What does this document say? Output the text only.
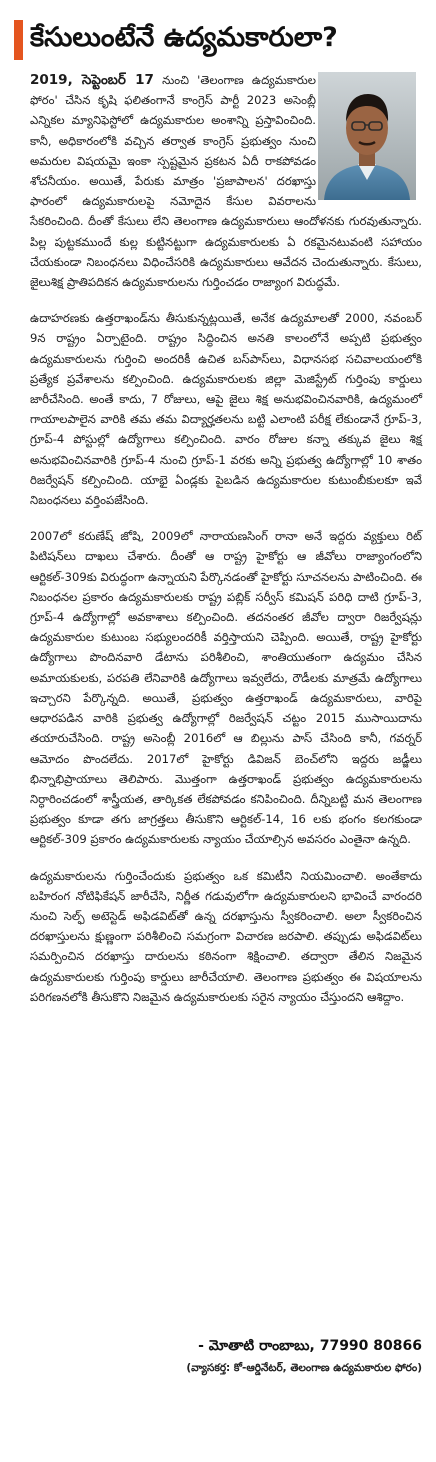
కేసులుంటేనే ఉద్యమకారులా?

2019, సెప్టెంబర్ 17 నుంచి 'తెలంగాణ ఉద్యమకారుల ఫోరం' చేసిన కృషి ఫలితంగానే కాంగ్రెస్ పార్టీ 2023 అసెంబ్లీ ఎన్నికల మ్యానిఫెస్టోలో ఉద్యమకారుల అంశాన్ని ప్రస్తావించింది. కానీ, అధికారంలోకి వచ్చిన తర్వాత కాంగ్రెస్ ప్రభుత్వం నుంచి అమరుల విషయమై ఇంకా స్పష్టమైన ప్రకటన ఏదీ రాకపోవడం శోచనీయం. అయితే, పేరుకు మాత్రం 'ప్రజాపాలన' దరఖాస్తు ఫారంలో ఉద్యమకారులపై నమోదైన కేసుల వివరాలను సేకరించింది. దీంతో కేసులు లేని తెలంగాణ ఉద్యమకారులు ఆందోళనకు గురవుతున్నారు. పిల్ల పుట్టకముందే కుల్ల కుట్టినట్టుగా ఉద్యమకారులకు ఏ రకమైనటువంటి సహాయం చేయకుండా నిబంధనలు విధించేసరికి ఉద్యమకారులు ఆవేదన చెందుతున్నారు. కేసులు, జైలుశిక్ష ప్రాతిపదికన ఉద్యమకారులను గుర్తించడం రాజ్యాంగ విరుద్ధమే.

ఉదాహరణకు ఉత్తరాఖండ్‌ను తీసుకున్నట్లయితే, అనేక ఉద్యమాలతో 2000, నవంబర్ 9న రాష్ట్రం ఏర్పాటైంది. రాష్ట్రం సిద్ధించిన అనతి కాలంలోనే అప్పటి ప్రభుత్వం ఉద్యమకారులను గుర్తించి అందరికీ ఉచిత బస్‌పాస్‌లు, విధానసభ సచివాలయంలోకి ప్రత్యేక ప్రవేశాలను కల్పించింది. ఉద్యమకారులకు జిల్లా మెజిస్ట్రేట్ గుర్తింపు కార్డులు జారీచేసింది. అంతే కాదు, 7 రోజులు, ఆపై జైలు శిక్ష అనుభవించినవారికి, ఉద్యమంలో గాయాలపాలైన వారికి తమ తమ విద్యార్హతలను బట్టి ఎలాంటి పరీక్ష లేకుండానే గ్రూప్-3, గ్రూప్-4 పోస్టుల్లో ఉద్యోగాలు కల్పించింది. వారం రోజుల కన్నా తక్కువ జైలు శిక్ష అనుభవించినవారికి గ్రూప్-4 నుంచి గ్రూప్-1 వరకు అన్ని ప్రభుత్వ ఉద్యోగాల్లో 10 శాతం రిజర్వేషన్ కల్పించింది. యాభై ఏండ్లకు పైబడిన ఉద్యమకారుల కుటుంబీకులకూ ఇవే నిబంధనలు వర్తింపజేసింది.

2007లో కరుణేష్ జోషి, 2009లో నారాయణసింగ్ రానా అనే ఇద్దరు వ్యక్తులు రిట్ పిటిషన్‌లు దాఖలు చేశారు. దీంతో ఆ రాష్ట్ర హైకోర్టు ఆ జీవోలు రాజ్యాంగంలోని ఆర్టికల్-309కు విరుద్ధంగా ఉన్నాయని పేర్కొనడంతో హైకోర్టు సూచనలను పాటించింది. ఈ నిబంధనల ప్రకారం ఉద్యమకారులకు రాష్ట్ర పబ్లిక్ సర్వీస్ కమిషన్ పరిధి దాటి గ్రూప్-3, గ్రూప్-4 ఉద్యోగాల్లో అవకాశాలు కల్పించింది. తదనంతర జీవోల ద్వారా రిజర్వేషన్లు ఉద్యమకారుల కుటుంబ సభ్యులందరికీ వర్తిస్తాయని చెప్పింది. అయితే, రాష్ట్ర హైకోర్టు ఉద్యోగాలు పొందినవారి డేటాను పరిశీలించి, శాంతియుతంగా ఉద్యమం చేసిన అమాయకులకు, పరపతి లేనివారికి ఉద్యోగాలు ఇవ్వలేదు, రౌడీలకు మాత్రమే ఉద్యోగాలు ఇచ్చారని పేర్కొన్నది. అయితే, ప్రభుత్వం ఉత్తరాఖండ్ ఉద్యమకారులు, వారిపై ఆధారపడిన వారికి ప్రభుత్వ ఉద్యోగాల్లో రిజర్వేషన్ చట్టం 2015 ముసాయిదాను తయారుచేసింది. రాష్ట్ర అసెంబ్లీ 2016లో ఆ బిల్లును పాస్ చేసింది కానీ, గవర్నర్ ఆమోదం పొందలేదు. 2017లో హైకోర్టు డివిజన్ బెంచ్‌లోని ఇద్దరు జడ్జీలు భిన్నాభిప్రాయాలు తెలిపారు. మొత్తంగా ఉత్తరాఖండ్ ప్రభుత్వం ఉద్యమకారులను నిర్ధారించడంలో శాస్త్రీయత, తార్కికత లేకపోవడం కనిపించింది. దీన్నిబట్టి మన తెలంగాణ ప్రభుత్వం కూడా తగు జాగ్రత్తలు తీసుకొని ఆర్టికల్-14, 16 లకు భంగం కలగకుండా ఆర్టికల్-309 ప్రకారం ఉద్యమకారులకు న్యాయం చేయాల్సిన అవసరం ఎంతైనా ఉన్నది.

ఉద్యమకారులను గుర్తించేందుకు ప్రభుత్వం ఒక కమిటీని నియమించాలి. అంతేకాదు బహిరంగ నోటిఫికేషన్ జారీచేసి, నిర్ణీత గడువులోగా ఉద్యమకారులని భావించే వారందరి నుంచి సెల్ఫ్ అటెస్టెడ్ అఫిడవిట్‌తో ఉన్న దరఖాస్తును స్వీకరించాలి. అలా స్వీకరించిన దరఖాస్తులను క్షుణ్ణంగా పరిశీలించి సమగ్రంగా విచారణ జరపాలి. తప్పుడు అఫిడవిట్‌లు సమర్పించిన దరఖాస్తు దారులను కఠినంగా శిక్షించాలి. తద్వారా తేలిన నిజమైన ఉద్యమకారులకు గుర్తింపు కార్డులు జారీచేయాలి. తెలంగాణ ప్రభుత్వం ఈ విషయాలను పరిగణనలోకి తీసుకొని నిజమైన ఉద్యమకారులకు సరైన న్యాయం చేస్తుందని ఆశిద్దాం.

- మోతాటి రాంబాబు, 77990 80866
(వ్యాసకర్త: కో-ఆర్డినేటర్, తెలంగాణ ఉద్యమకారుల ఫోరం)
